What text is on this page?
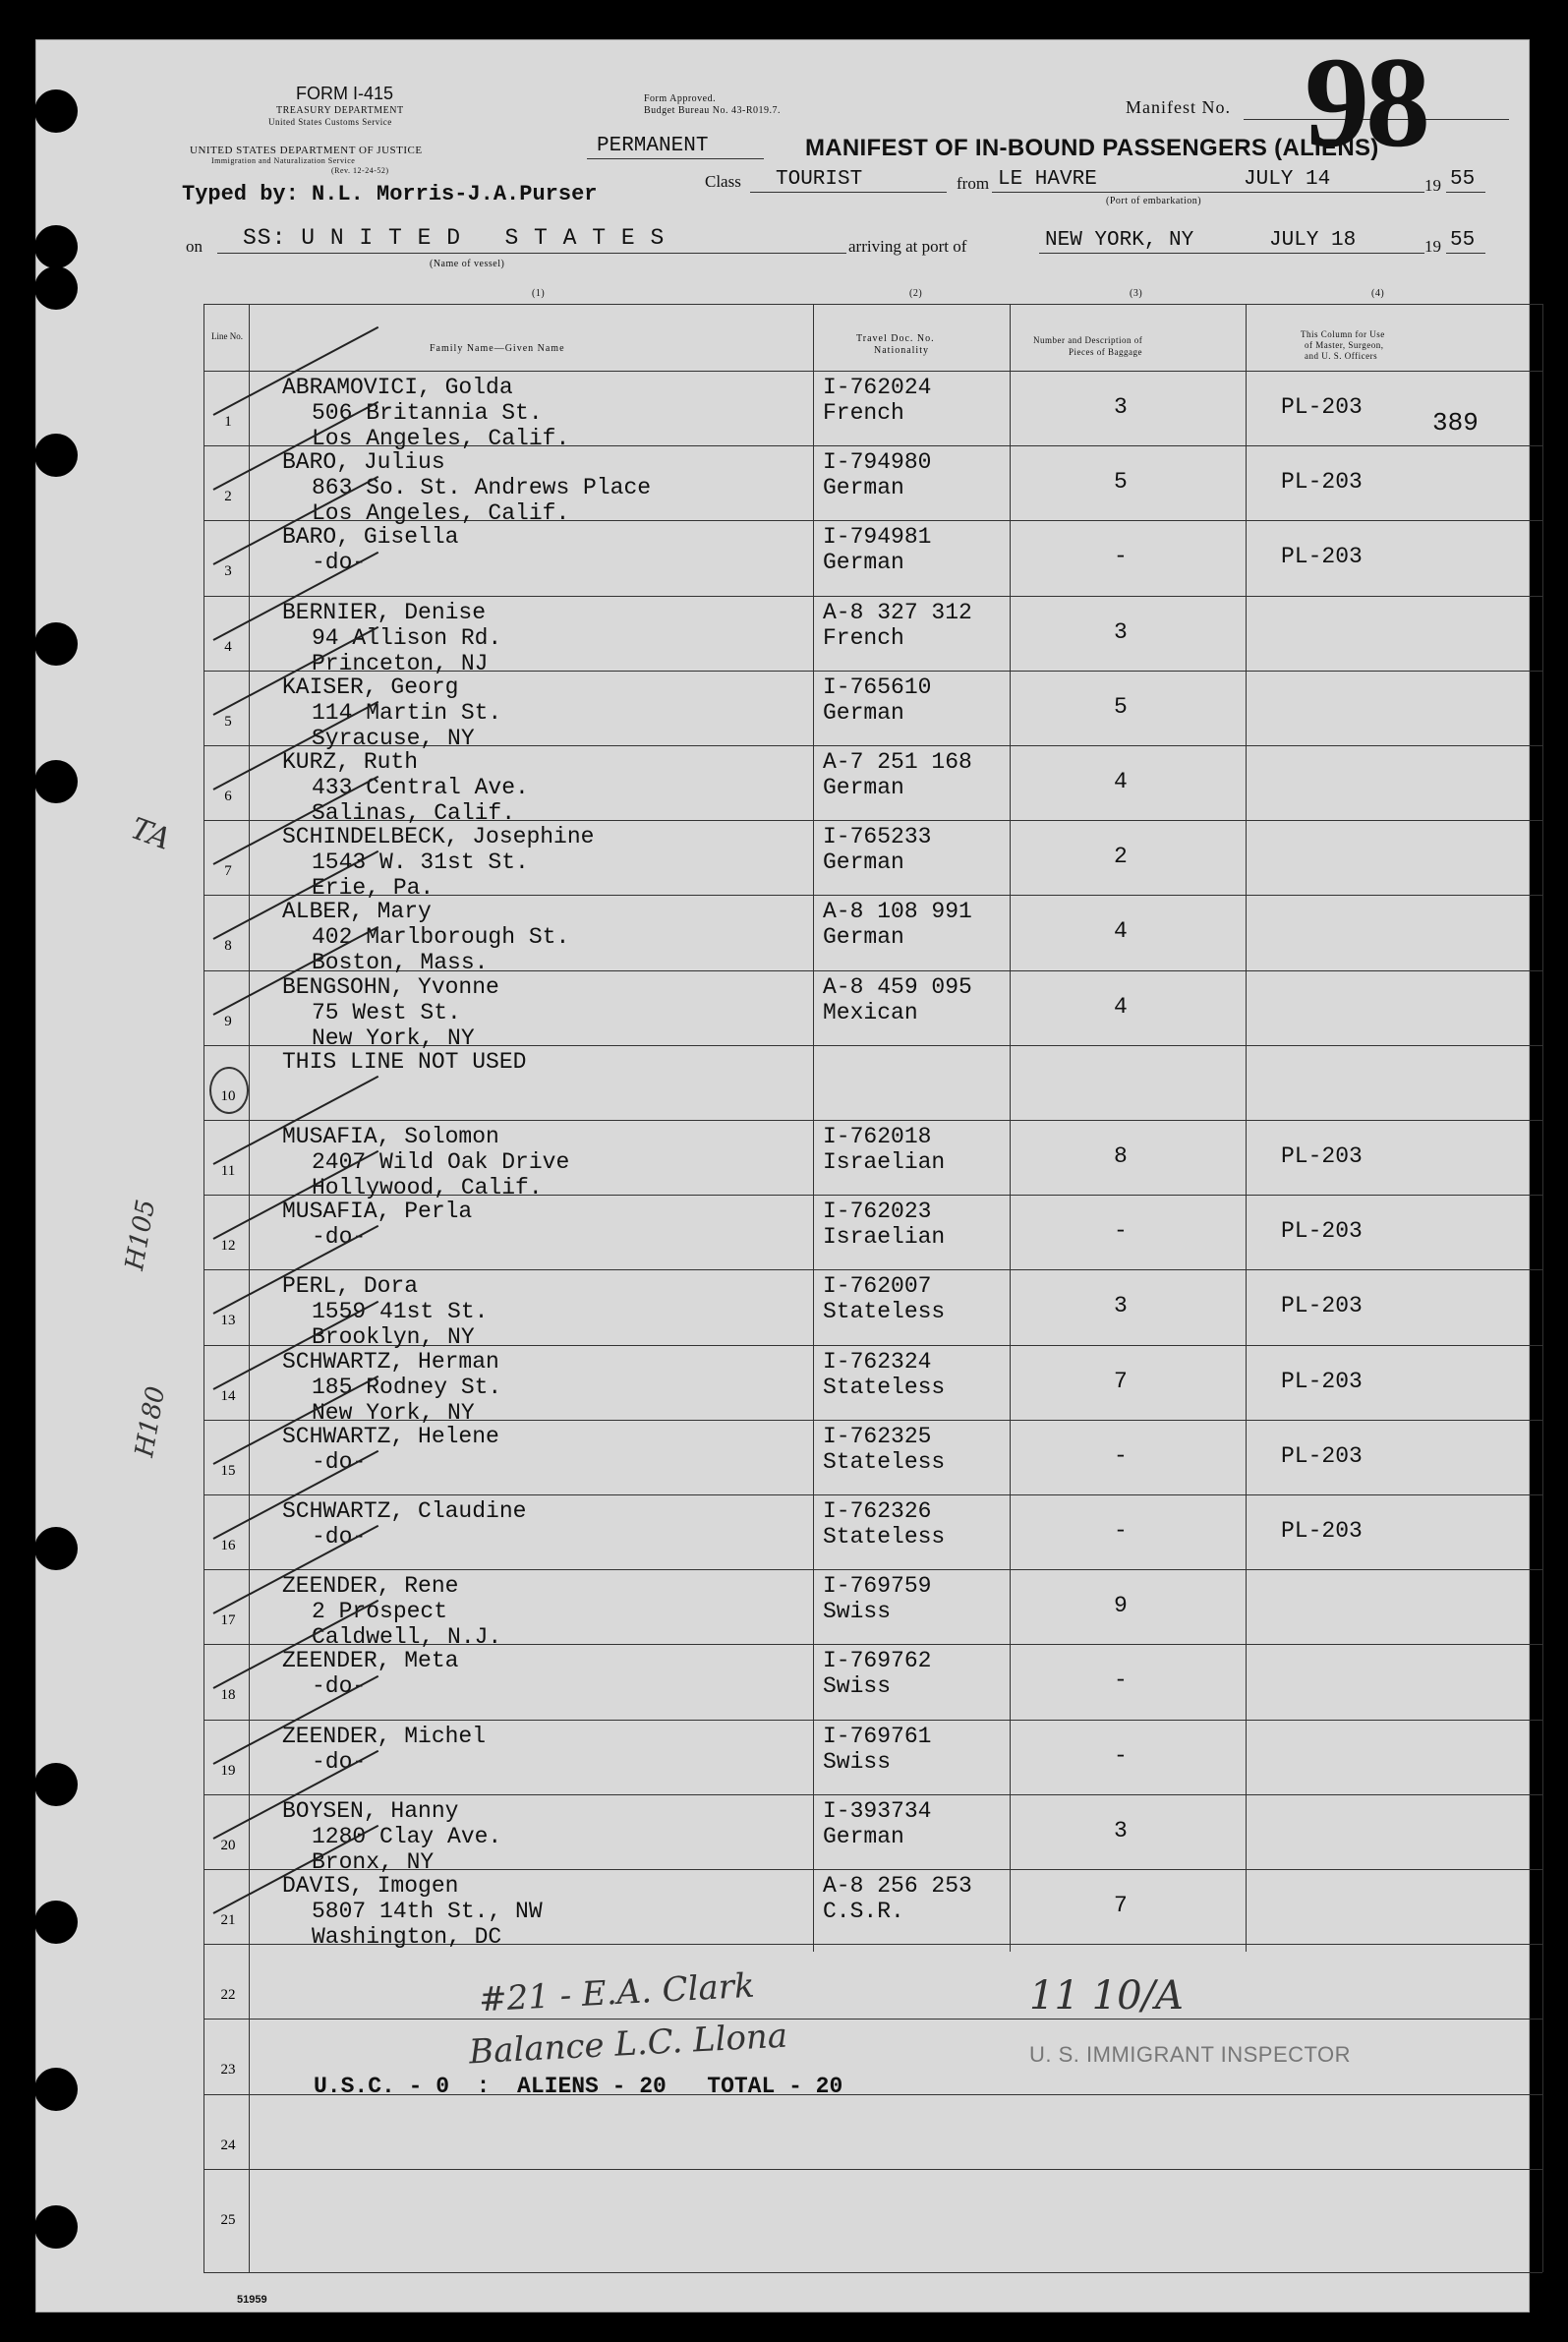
FORM I-415
TREASURY DEPARTMENT
United States Customs Service
Form Approved.
Budget Bureau No. 43-R019.7.
UNITED STATES DEPARTMENT OF JUSTICE
Immigration and Naturalization Service
(Rev. 12-24-52)
PERMANENT	MANIFEST OF IN-BOUND PASSENGERS (ALIENS)
Manifest No. 98
Typed by: N.L. Morris-J.A.Purser
Class TOURIST	from LE HAVRE	JULY 14	19 55
(Port of embarkation)
on SS: U N I T E D   S T A T E S
(Name of vessel)
arriving at port of	NEW YORK, NY	JULY 18	19 55
(1)	(2)	(3)	(4)
Line No.
Family Name—Given Name
Travel Doc. No.
Nationality
Number and Description of
Pieces of Baggage
This Column for Use
of Master, Surgeon,
and U. S. Officers
1
ABRAMOVICI, Golda
506 Britannia St.
Los Angeles, Calif.
I-762024
French	3	PL-203
2
BARO, Julius
863 So. St. Andrews Place
Los Angeles, Calif.
I-794980
German	5	PL-203
3
BARO, Gisella
-do-
I-794981
German	-	PL-203
4
BERNIER, Denise
94 Allison Rd.
Princeton, NJ
A-8 327 312
French	3
5
KAISER, Georg
114 Martin St.
Syracuse, NY
I-765610
German	5
6
KURZ, Ruth
433 Central Ave.
Salinas, Calif.
A-7 251 168
German	4
7
SCHINDELBECK, Josephine
1543 W. 31st St.
Erie, Pa.
I-765233
German	2
8
ALBER, Mary
402 Marlborough St.
Boston, Mass.
A-8 108 991
German	4
9
BENGSOHN, Yvonne
75 West St.
New York, NY
A-8 459 095
Mexican	4
10
THIS LINE NOT USED
11
MUSAFIA, Solomon
2407 Wild Oak Drive
Hollywood, Calif.
I-762018
Israelian	8	PL-203
12
MUSAFIA, Perla
-do-
I-762023
Israelian	-	PL-203
13
PERL, Dora
1559 41st St.
Brooklyn, NY
I-762007
Stateless	3	PL-203
14
SCHWARTZ, Herman
185 Rodney St.
New York, NY
I-762324
Stateless	7	PL-203
15
SCHWARTZ, Helene
-do-
I-762325
Stateless	-	PL-203
16
SCHWARTZ, Claudine
-do-
I-762326
Stateless	-	PL-203
17
ZEENDER, Rene
2 Prospect
Caldwell, N.J.
I-769759
Swiss	9
18
ZEENDER, Meta
-do-
I-769762
Swiss	-
19
ZEENDER, Michel
-do-
I-769761
Swiss	-
20
BOYSEN, Hanny
1280 Clay Ave.
Bronx, NY
I-393734
German	3
21
DAVIS, Imogen
5807 14th St., NW
Washington, DC
A-8 256 253
C.S.R.	7
22
23
24
25
389
#21 - E.A. Clark
Balance L.C. Llona
11 10/A
U. S. IMMIGRANT INSPECTOR
U.S.C. - 0  :  ALIENS - 20   TOTAL - 20
TA
H105
H180
51959
